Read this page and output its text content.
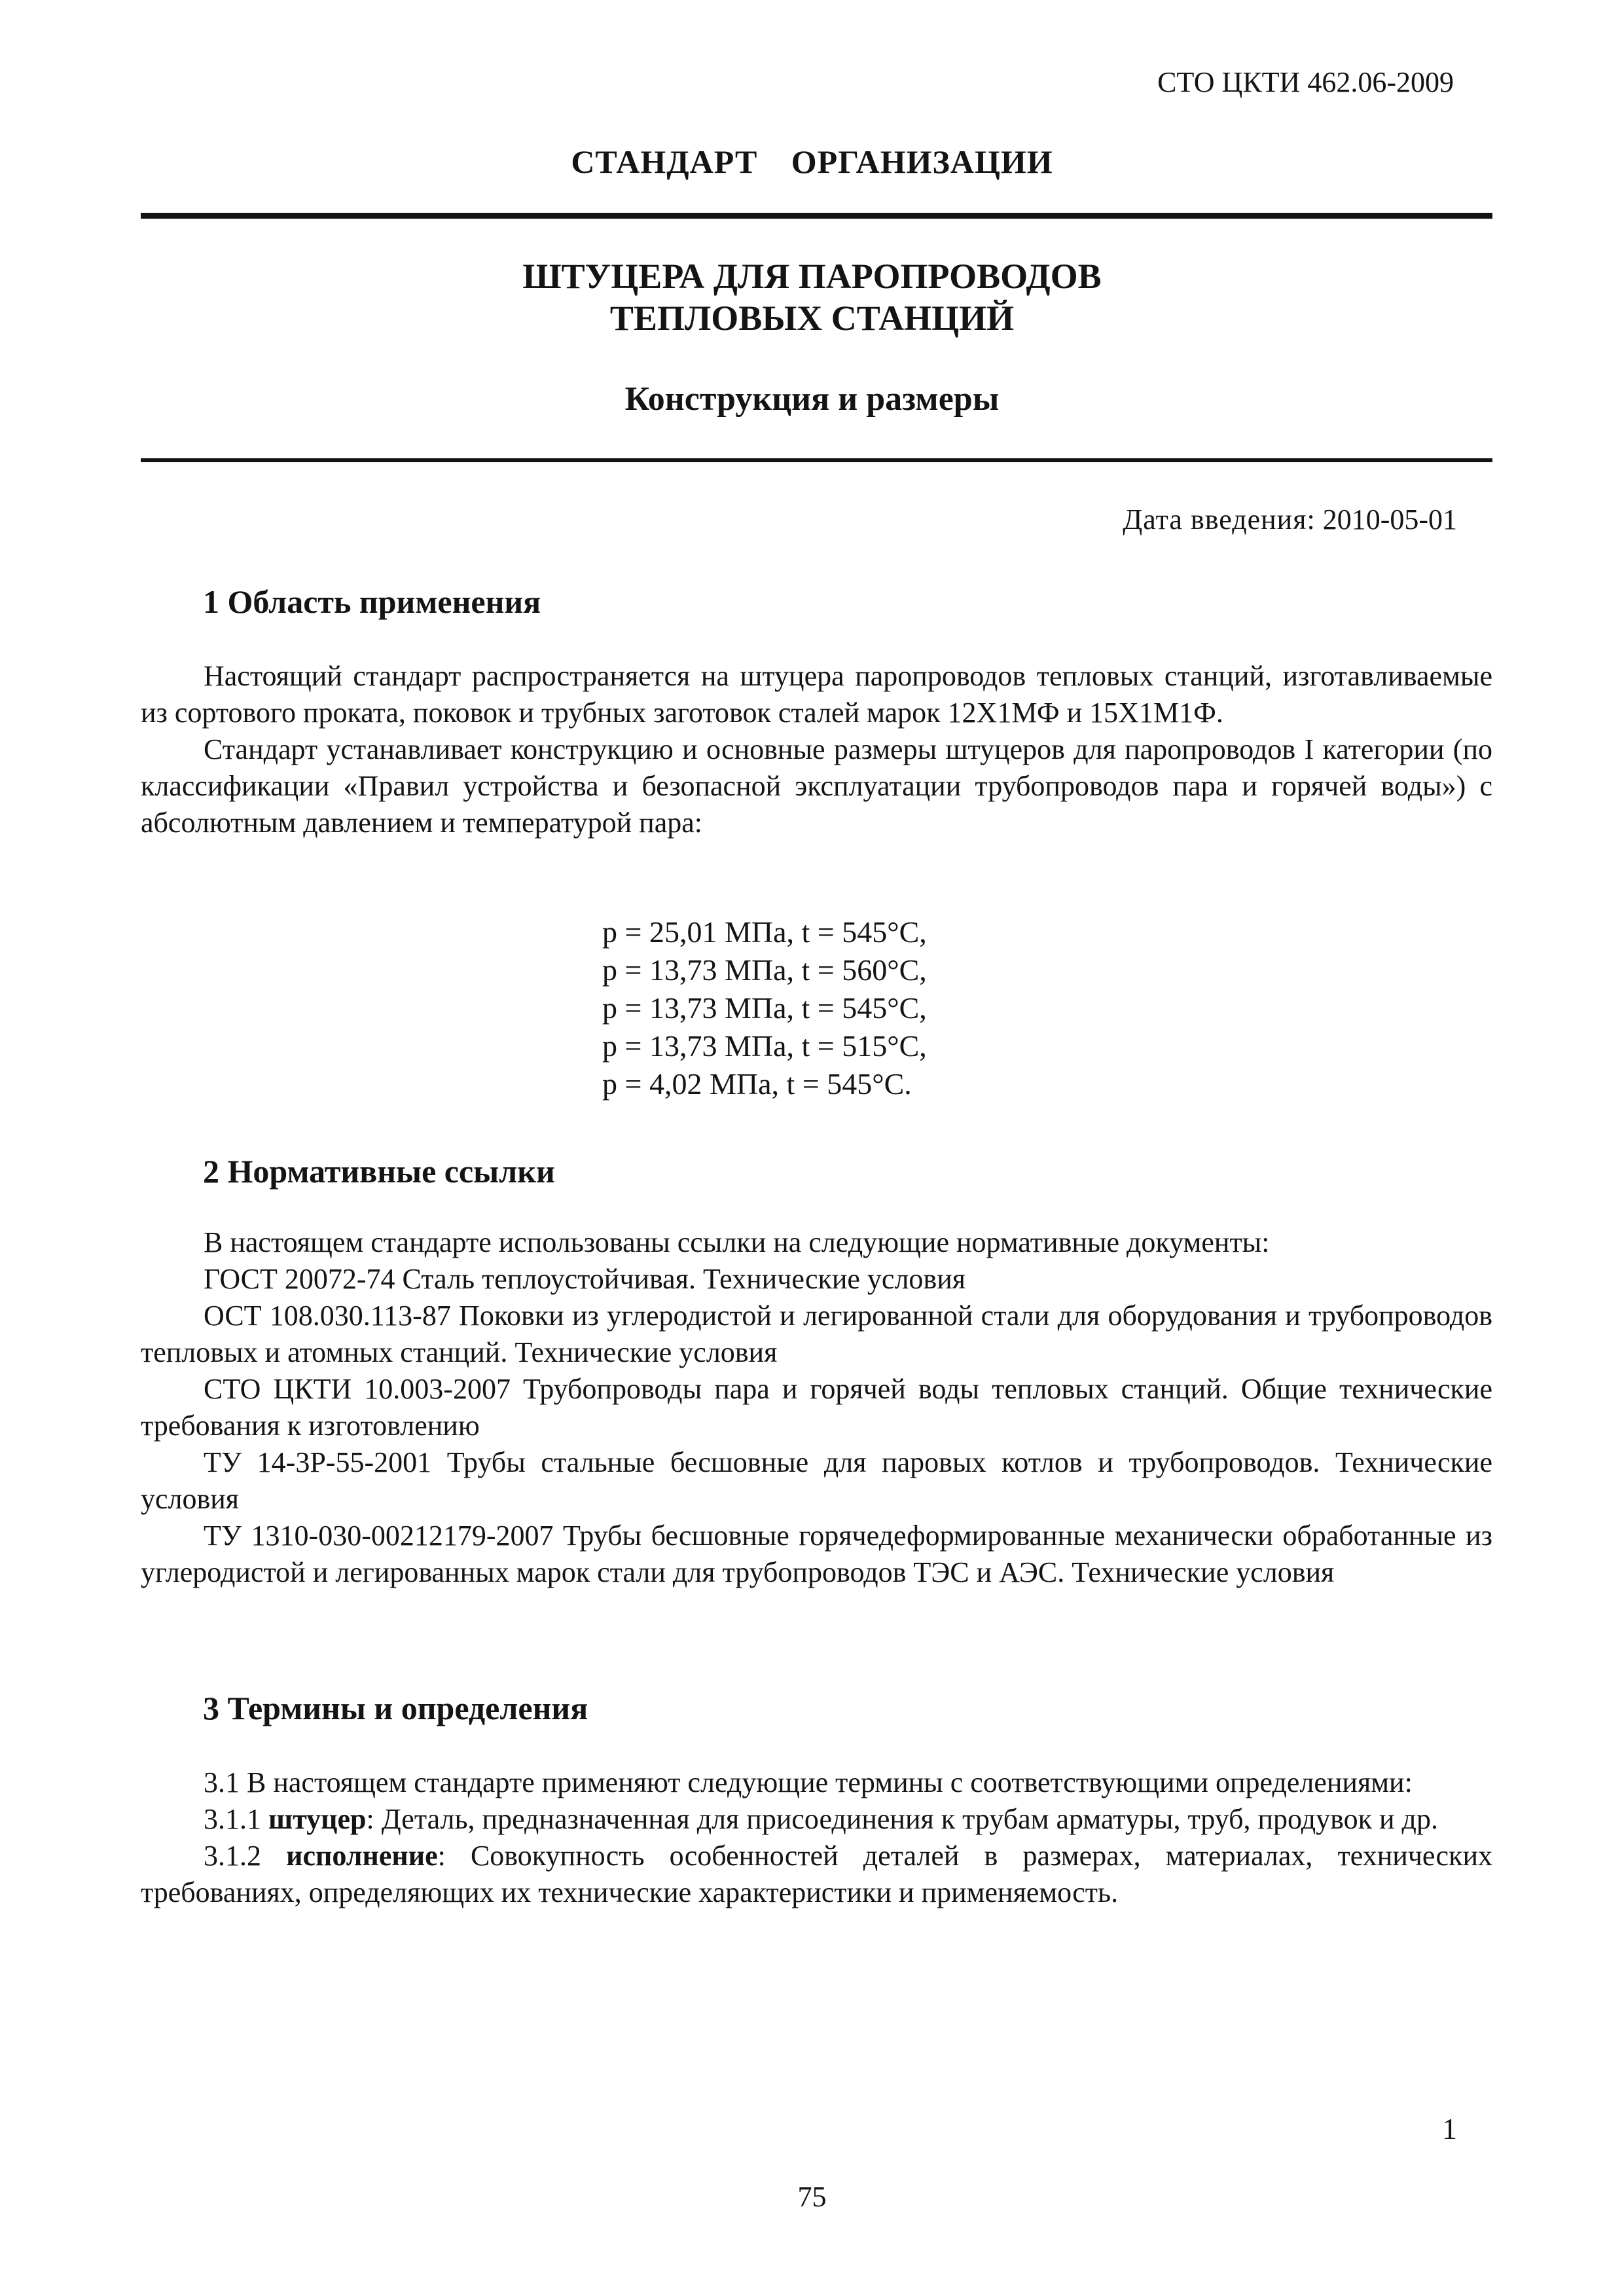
СТО ЦКТИ 462.06-2009
СТАНДАРТ ОРГАНИЗАЦИИ
ШТУЦЕРА ДЛЯ ПАРОПРОВОДОВ
ТЕПЛОВЫХ СТАНЦИЙ
Конструкция и размеры
Дата введения: 2010-05-01
1 Область применения

Настоящий стандарт распространяется на штуцера паропроводов тепловых станций, изготавливаемые из сортового проката, поковок и трубных заготовок сталей марок 12Х1МФ и 15Х1М1Ф.

Стандарт устанавливает конструкцию и основные размеры штуцеров для паропроводов I категории (по классификации «Правил устройства и безопасной эксплуатации трубопроводов пара и горячей воды») с абсолютным давлением и температурой пара:

p = 25,01 МПа, t = 545°С,
p = 13,73 МПа, t = 560°С,
p = 13,73 МПа, t = 545°С,
p = 13,73 МПа, t = 515°С,
p = 4,02 МПа, t = 545°С.
2 Нормативные ссылки

В настоящем стандарте использованы ссылки на следующие нормативные документы:

ГОСТ 20072-74 Сталь теплоустойчивая. Технические условия

ОСТ 108.030.113-87 Поковки из углеродистой и легированной стали для оборудования и трубопроводов тепловых и атомных станций. Технические условия

СТО ЦКТИ 10.003-2007 Трубопроводы пара и горячей воды тепловых станций. Общие технические требования к изготовлению

ТУ 14-3Р-55-2001 Трубы стальные бесшовные для паровых котлов и трубопроводов. Технические условия

ТУ 1310-030-00212179-2007 Трубы бесшовные горячедеформированные механически обработанные из углеродистой и легированных марок стали для трубопроводов ТЭС и АЭС. Технические условия

3 Термины и определения

3.1 В настоящем стандарте применяют следующие термины с соответствующими определениями:

3.1.1 штуцер: Деталь, предназначенная для присоединения к трубам арматуры, труб, продувок и др.

3.1.2 исполнение: Совокупность особенностей деталей в размерах, материалах, технических требованиях, определяющих их технические характеристики и применяемость.

1
75
